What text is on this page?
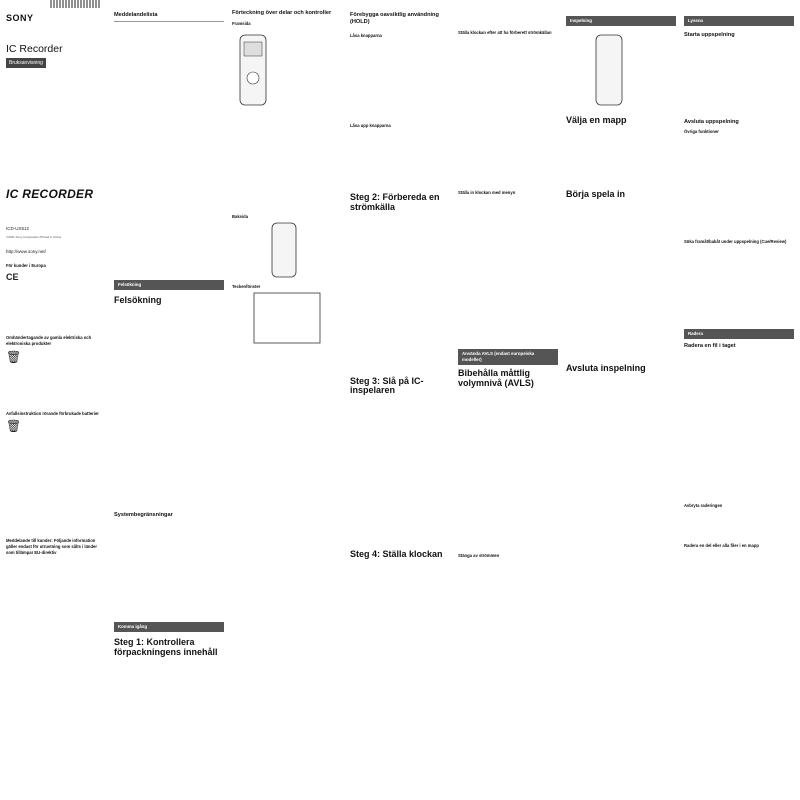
SONY
IC Recorder
Bruksanvisning
IC RECORDER
ICD-UX512
©2011 Sony Corporation Printed in China
http://www.sony.net/
För kunder i Europa
CE
Omhändertagande av gamla elektriska och elektroniska produkter
🗑
Avfallsinstruktion rörande förbrukade batterier
🗑
Meddelande till kunder: Följande information gäller endast för utrustning som sålts i länder som tillämpar EU-direktiv
Meddelandelista
Felsökning
Felsökning
Systembegränsningar
Komma igång
Steg 1: Kontrollera förpackningens innehåll
Förteckning över delar och kontroller
Framsida
Baksida
Teckenfönster
Förebygga oavsiktlig användning (HOLD)
Låsa knapparna
Låsa upp knapparna
Steg 2: Förbereda en strömkälla
Steg 3: Slå på IC-inspelaren
Steg 4: Ställa klockan
Ställa klockan efter att ha förberett strömkällan
Ställa in klockan med menyn
Använda AVLS (endast europeiska modeller)
Bibehålla måttlig volymnivå (AVLS)
Stänga av strömmen
Inspelning
Välja en mapp
Börja spela in
Avsluta inspelning
Lyssna
Starta uppspelning
Avsluta uppspelning
Övriga funktioner
Söka framåt/bakåt under uppspelning (Cue/Review)
Radera
Radera en fil i taget
Avbryta raderingen
Radera en del eller alla filer i en mapp
